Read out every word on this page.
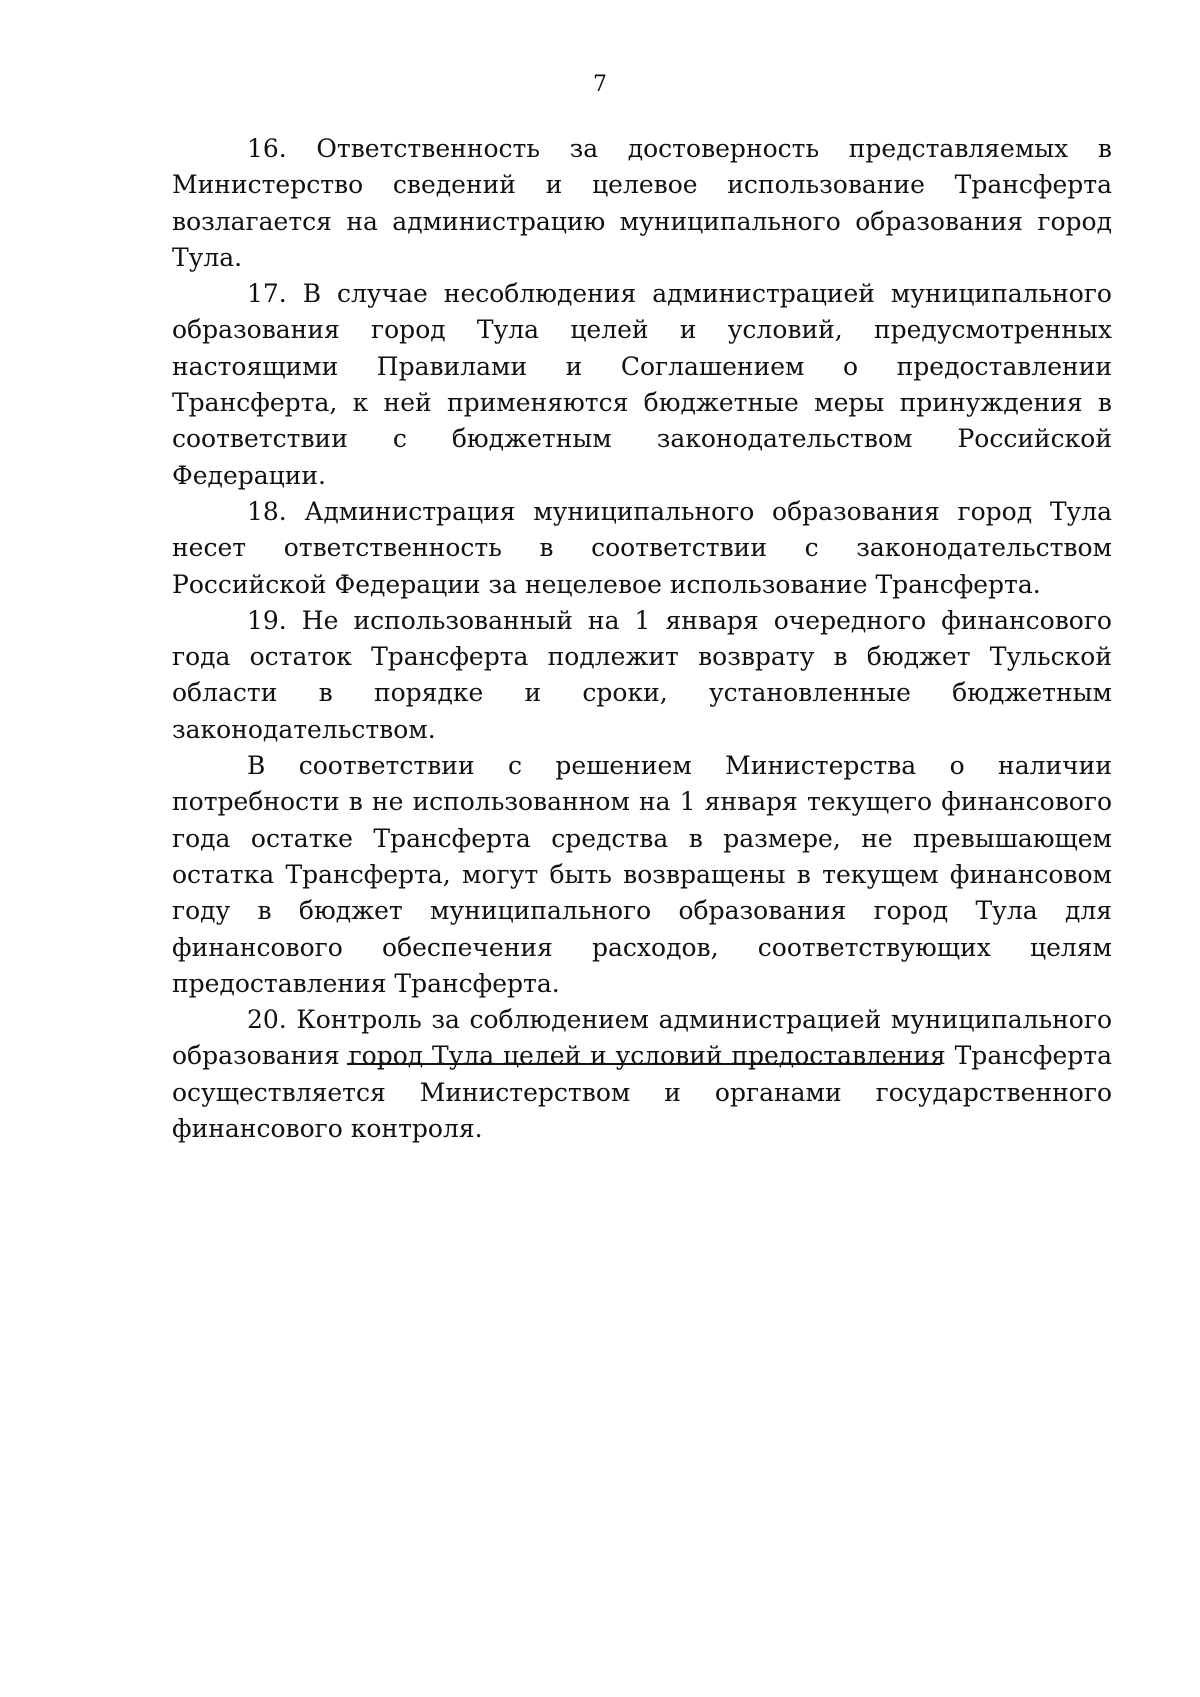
7

16. Ответственность за достоверность представляемых в Министерство сведений и целевое использование Трансферта возлагается на администрацию муниципального образования город Тула.

17. В случае несоблюдения администрацией муниципального образования город Тула целей и условий, предусмотренных настоящими Правилами и Соглашением о предоставлении Трансферта, к ней применяются бюджетные меры принуждения в соответствии с бюджетным законодательством Российской Федерации.

18. Администрация муниципального образования город Тула несет ответственность в соответствии с законодательством Российской Федерации за нецелевое использование Трансферта.

19. Не использованный на 1 января очередного финансового года остаток Трансферта подлежит возврату в бюджет Тульской области в порядке и сроки, установленные бюджетным законодательством.

В соответствии с решением Министерства о наличии потребности в не использованном на 1 января текущего финансового года остатке Трансферта средства в размере, не превышающем остатка Трансферта, могут быть возвращены в текущем финансовом году в бюджет муниципального образования город Тула для финансового обеспечения расходов, соответствующих целям предоставления Трансферта.

20. Контроль за соблюдением администрацией муниципального образования город Тула целей и условий предоставления Трансферта осуществляется Министерством и органами государственного финансового контроля.
